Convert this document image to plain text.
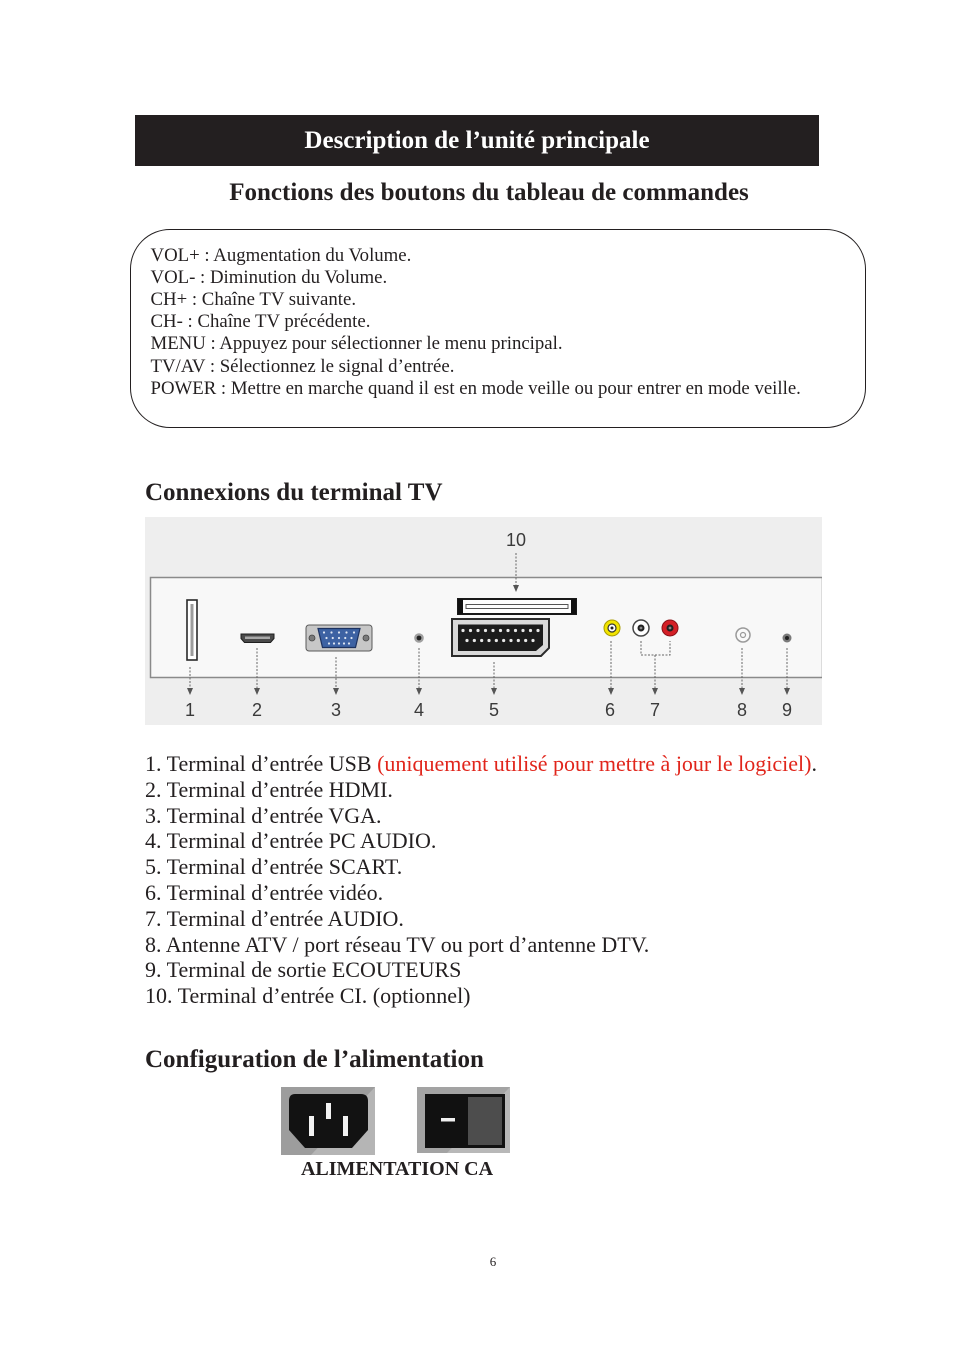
Description de l’unité principale
Fonctions des boutons du tableau de commandes
VOL+ : Augmentation du Volume.
VOL- : Diminution du Volume.
CH+ : Chaîne TV suivante.
CH- : Chaîne TV précédente.
MENU : Appuyez pour sélectionner le menu principal.
TV/AV : Sélectionnez le signal d’entrée.
POWER : Mettre en marche quand il est en mode veille ou pour entrer en mode veille.
Connexions du terminal TV
1	2	3	4	5	6 7	8 9
10
1. Terminal d’entrée USB (uniquement utilisé pour mettre à jour le logiciel).
2. Terminal d’entrée HDMI.
3. Terminal d’entrée VGA.
4. Terminal d’entrée PC AUDIO.
5. Terminal d’entrée SCART.
6. Terminal d’entrée vidéo.
7. Terminal d’entrée AUDIO.
8. Antenne ATV / port réseau TV ou port d’antenne DTV.
9. Terminal de sortie ECOUTEURS
10. Terminal d’entrée CI. (optionnel)
Configuration de l’alimentation
ALIMENTATION CA
6
